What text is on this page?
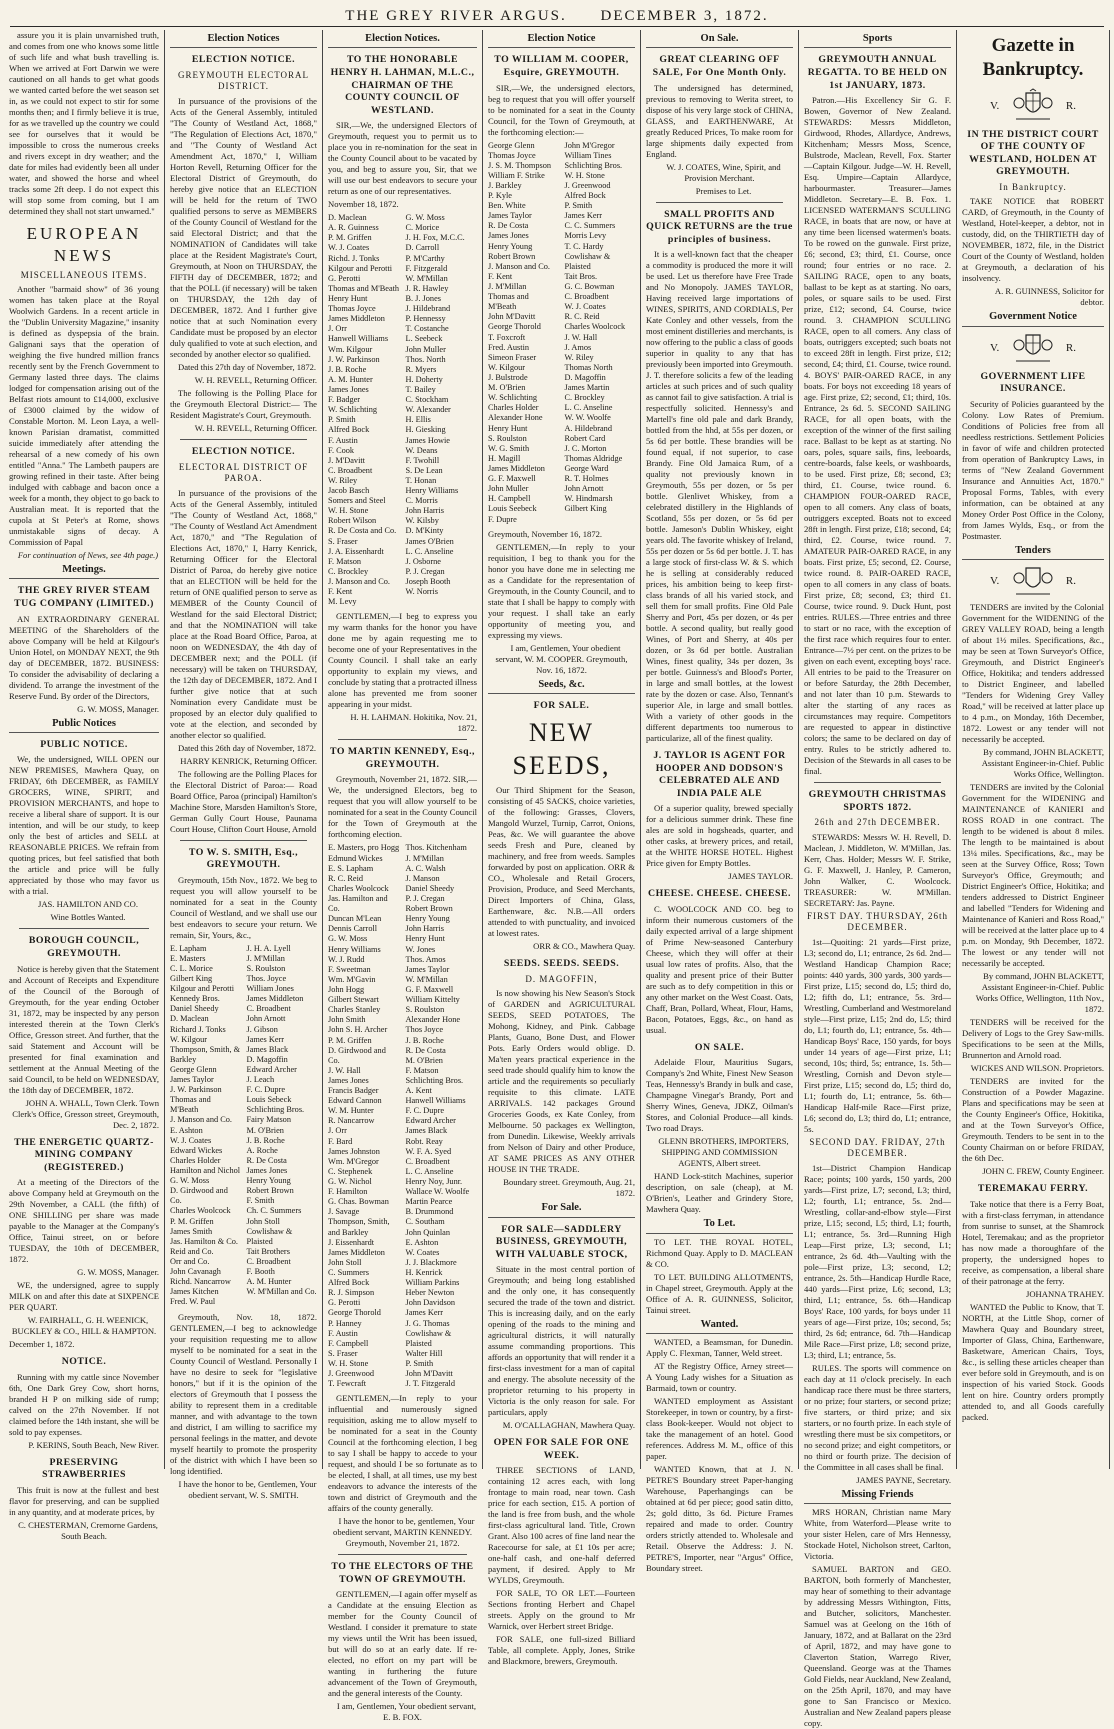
THE GREY RIVER ARGUS. DECEMBER 3, 1872.

assure you it is plain unvarnished truth, and comes from one who knows some little of such life and what bush travelling is. When we arrived at Fort Darwin we were cautioned on all hands to get what goods we wanted carted before the wet season set in, as we could not expect to stir for some months then; and I firmly believe it is true, for as we travelled up the country we could see for ourselves that it would be impossible to cross the numerous creeks and rivers except in dry weather; and the date for miles had evidently been all under water, and showed the horse and wheel tracks some 2ft deep. I do not expect this will stop some from coming, but I am determined they shall not start unwarned."

EUROPEAN NEWS
MISCELLANEOUS ITEMS.

Another "barmaid show" of 36 young women has taken place at the Royal Woolwich Gardens. In a recent article in the "Dublin University Magazine," insanity is defined as dyspepsia of the brain. Galignani says that the operation of weighing the five hundred million francs recently sent by the French Government to Germany lasted three days. The claims lodged for compensation arising out of the Belfast riots amount to £14,000, exclusive of £3000 claimed by the widow of Constable Morton. M. Leon Laya, a well-known Parisian dramatist, committed suicide immediately after attending the rehearsal of a new comedy of his own entitled "Anna." The Lambeth paupers are growing refined in their taste. After being indulged with cabbage and bacon once a week for a month, they object to go back to Australian meat. It is reported that the cupola at St Peter's at Rome, shows unmistakable signs of decay. A Commission of Papal

For continuation of News, see 4th page.)

Meetings.
THE GREY RIVER STEAM TUG COMPANY (LIMITED.)

AN EXTRAORDINARY GENERAL MEETING of the Shareholders of the above Company will be held at Kilgour's Union Hotel, on MONDAY NEXT, the 9th day of DECEMBER, 1872. BUSINESS: To consider the advisability of declaring a dividend. To arrange the investment of the Reserve Fund. By order of the Directors,

G. W. MOSS, Manager.

Public Notices
PUBLIC NOTICE.

We, the undersigned, WILL OPEN our NEW PREMISES, Mawhera Quay, on FRIDAY, 6th DECEMBER, as FAMILY GROCERS, WINE, SPIRIT, and PROVISION MERCHANTS, and hope to receive a liberal share of support. It is our intention, and will be our study, to keep only the best of articles and SELL at REASONABLE PRICES. We refrain from quoting prices, but feel satisfied that both the article and price will be fully appreciated by those who may favor us with a trial.

JAS. HAMILTON AND CO.

Wine Bottles Wanted.

BOROUGH COUNCIL, GREYMOUTH.

Notice is hereby given that the Statement and Account of Receipts and Expenditure of the Council of the Borough of Greymouth, for the year ending October 31, 1872, may be inspected by any person interested therein at the Town Clerk's Office, Gresson street. And further, that the said Statement and Account will be presented for final examination and settlement at the Annual Meeting of the said Council, to be held on WEDNESDAY, the 18th day of DECEMBER, 1872.

JOHN A. WHALL, Town Clerk. Town Clerk's Office, Gresson street, Greymouth, Dec. 2, 1872.

THE ENERGETIC QUARTZ-MINING COMPANY (REGISTERED.)

At a meeting of the Directors of the above Company held at Greymouth on the 29th November, a CALL (the fifth) of ONE SHILLING per share was made payable to the Manager at the Company's Office, Tainui street, on or before TUESDAY, the 10th of DECEMBER, 1872.

G. W. MOSS, Manager.

WE, the undersigned, agree to supply MILK on and after this date at SIXPENCE PER QUART.

W. FAIRHALL, G. H. WEENICK, BUCKLEY & CO., HILL & HAMPTON.

December 1, 1872.

NOTICE.

Running with my cattle since November 6th, One Dark Grey Cow, short horns, branded H P on milking side of rump; calved on the 27th November. If not claimed before the 14th instant, she will be sold to pay expenses.

P. KERINS, South Beach, New River.

PRESERVING STRAWBERRIES

This fruit is now at the fullest and best flavor for preserving, and can be supplied in any quantity, and at moderate prices, by

C. CHESTERMAN, Cremorne Gardens, South Beach.

Election Notices
ELECTION NOTICE.
GREYMOUTH ELECTORAL DISTRICT.

In pursuance of the provisions of the Acts of the General Assembly, intituled "The County of Westland Act, 1868," "The Regulation of Elections Act, 1870," and "The County of Westland Act Amendment Act, 1870," I, William Horton Revell, Returning Officer for the Electoral District of Greymouth, do hereby give notice that an ELECTION will be held for the return of TWO qualified persons to serve as MEMBERS of the County Council of Westland for the said Electoral District; and that the NOMINATION of Candidates will take place at the Resident Magistrate's Court, Greymouth, at Noon on THURSDAY, the FIFTH day of DECEMBER, 1872; and that the POLL (if necessary) will be taken on THURSDAY, the 12th day of DECEMBER, 1872. And I further give notice that at such Nomination every Candidate must be proposed by an elector duly qualified to vote at such election, and seconded by another elector so qualified.

Dated this 27th day of November, 1872.

W. H. REVELL, Returning Officer.

The following is the Polling Place for the Greymouth Electoral District:— The Resident Magistrate's Court, Greymouth.

W. H. REVELL, Returning Officer.

ELECTION NOTICE.
ELECTORAL DISTRICT OF PAROA.

In pursuance of the provisions of the Acts of the General Assembly, intituled "The County of Westland Act, 1868," "The County of Westland Act Amendment Act, 1870," and "The Regulation of Elections Act, 1870," I, Harry Kenrick, Returning Officer for the Electoral District of Paroa, do hereby give notice that an ELECTION will be held for the return of ONE qualified person to serve as MEMBER of the County Council of Westland for the said Electoral District; and that the NOMINATION will take place at the Road Board Office, Paroa, at noon on WEDNESDAY, the 4th day of DECEMBER next; and the POLL (if necessary) will be taken on THURSDAY, the 12th day of DECEMBER, 1872. And I further give notice that at such Nomination every Candidate must be proposed by an elector duly qualified to vote at the election, and seconded by another elector so qualified.

Dated this 26th day of November, 1872.

HARRY KENRICK, Returning Officer.

The following are the Polling Places for the Electoral District of Paroa:— Road Board Office, Paroa (principal) Hamilton's Machine Store, Marsden Hamilton's Store, German Gully Court House, Paunama Court House, Clifton Court House, Arnold

TO W. S. SMITH, Esq., GREYMOUTH.

Greymouth, 15th Nov., 1872. We beg to request you will allow yourself to be nominated for a seat in the County Council of Westland, and we shall use our best endeavors to secure your return. We remain, Sir, Yours, &c.,

E. Lapham
E. Masters
C. L. Morice
Gilbert King
Kilgour and Perotti
Kennedy Bros.
Daniel Sheedy
D. Maclean
Richard J. Tonks
W. Kilgour
Thompson, Smith, & Barkley
George Glenn
James Taylor
J. W. Parkinson
Thomas and M'Beath
J. Manson and Co.
E. Ashton
W. J. Coates
Edward Wickes
Charles Holder
Hamilton and Nichol
G. W. Moss
D. Girdwood and Co.
Charles Woolcock
P. M. Griffen
James Smith
Jas. Hamilton & Co.
Reid and Co.
Orr and Co.
John Cavanagh
Richd. Nancarrow
James Kitchen
Fred. W. Paul
J. H. A. Lyell
J. M'Millan
S. Roulston
Thos. Joyce
William Jones
James Middleton
C. Broadbent
John Arnott
J. Gibson
James Kerr
James Black
D. Magoffin
Edward Archer
J. Leach
F. C. Dupre
Louis Sebeck
Schlichting Bros.
Fairy Matson
M. O'Brien
J. B. Roche
A. Roche
R. De Costa
James Jones
Henry Young
Robert Brown
F. Smith
Ch. C. Summers
John Stoll
Cowlishaw & Plaisted
Tait Brothers
C. Broadbent
F. Booth
A. M. Hunter
W. M'Millan and Co.

Greymouth, Nov. 18, 1872. GENTLEMEN,—I beg to acknowledge your requisition requesting me to allow myself to be nominated for a seat in the County Council of Westland. Personally I have no desire to seek for "legislative honors," but if it is the opinion of the electors of Greymouth that I possess the ability to represent them in a creditable manner, and with advantage to the town and district, I am willing to sacrifice my personal feelings in the matter, and devote myself heartily to promote the prosperity of the district with which I have been so long identified.

I have the honor to be, Gentlemen, Your obedient servant, W. S. SMITH.

Election Notices.
TO THE HONORABLE HENRY H. LAHMAN, M.L.C., CHAIRMAN OF THE COUNTY COUNCIL OF WESTLAND.

SIR,—We, the undersigned Electors of Greymouth, request you to permit us to place you in re-nomination for the seat in the County Council about to be vacated by you, and beg to assure you, Sir, that we will use our best endeavors to secure your return as one of our representatives.

November 18, 1872.

D. Maclean
A. R. Guinness
P. M. Griffen
W. J. Coates
Richd. J. Tonks
Kilgour and Perotti
G. Perotti
Thomas and M'Beath
Henry Hunt
Thomas Joyce
James Middleton
J. Orr
Hanwell Williams
Wm. Kilgour
J. W. Parkinson
J. B. Roche
A. M. Hunter
James Jones
F. Badger
W. Schlichting
P. Smith
Alfred Bock
F. Austin
F. Cook
J. M'Davitt
C. Broadbent
W. Riley
Jacob Basch
Somers and Steel
W. H. Stone
Robert Wilson
R. De Costa and Co.
S. Fraser
J. A. Eissenhardt
F. Matson
C. Brockley
J. Manson and Co.
F. Kent
M. Levy
G. W. Moss
C. Morice
J. H. Fox, M.C.C.
D. Carroll
P. M'Carthy
F. Fitzgerald
W. M'Millan
J. R. Hawley
B. J. Jones
J. Hildebrand
P. Hennessy
T. Costanche
L. Seebeck
John Muller
Thos. North
R. Myers
H. Doherty
T. Bailey
C. Stockham
W. Alexander
H. Ellis
H. Giesking
James Howie
W. Deans
F. Twohill
S. De Lean
T. Honan
Henry Williams
C. Morris
John Harris
W. Kilsby
D. M'Kinty
James O'Brien
L. C. Anseline
J. Osborne
P. J. Cregan
Joseph Booth
W. Norris

GENTLEMEN,—I beg to express you my warm thanks for the honor you have done me by again requesting me to become one of your Representatives in the County Council. I shall take an early opportunity to explain my views, and conclude by stating that a protracted illness alone has prevented me from sooner appearing in your midst.

H. H. LAHMAN. Hokitika, Nov. 21, 1872.

TO MARTIN KENNEDY, Esq., GREYMOUTH.

Greymouth, November 21, 1872. SIR,—We, the undersigned Electors, beg to request that you will allow yourself to be nominated for a seat in the County Council for the Town of Greymouth at the forthcoming election.

E. Masters, pro Hogg
Edmund Wickes
E. S. Lapham
R. C. Reid
Charles Woolcock
Jas. Hamilton and Co.
Duncan M'Lean
Dennis Carroll
G. W. Moss
Henry Williams
W. J. Rudd
F. Sweetman
Wm. M'Gavin
John Hogg
Gilbert Stewart
Charles Stanley
John Smith
John S. H. Archer
P. M. Griffen
D. Girdwood and Co.
J. W. Hall
James Jones
Francis Badger
Edward Cannon
W. M. Hunter
R. Nancarrow
J. Orr
F. Bard
James Johnston
Wm. M'Gregor
C. Stephenek
G. W. Nichol
F. Hamilton
G. Chas. Bowman
J. Savage
Thompson, Smith, and Barkley
J. Eissenhardt
James Middleton
John Stoll
C. Summers
Alfred Bock
R. J. Simpson
G. Perotti
George Thorold
P. Hanney
F. Austin
F. Campbell
S. Fraser
W. H. Stone
J. Greenwood
T. Fewcraft
Thos. Kitchenham
J. M'Millan
A. C. Walsh
J. Manson
Daniel Sheedy
P. J. Cregan
Robert Brown
Henry Young
John Harris
Henry Hunt
W. Jones
Thos. Amos
James Taylor
W. M'Millan
G. F. Maxwell
William Kittelty
S. Roulston
Alexander Hone
Thos Joyce
J. B. Roche
R. De Costa
M. O'Brien
F. Matson
Schlichting Bros.
A. Kent
Hanwell Williams
F. C. Dupre
Edward Archer
James Black
Robt. Reay
W. F. A. Syed
C. Broadbent
L. C. Anseline
Henry Noy, Junr.
Wallace W. Woolfe
Martin Pearce
B. Drummond
C. Southam
John Quinlan
E. Ashton
W. Coates
J. J. Blackmore
H. Kenrick
William Parkins
Heber Newton
John Davidson
James Kerr
J. G. Thomas
Cowlishaw & Plaisted
Walter Hill
P. Smith
John M'Davitt
J. T. Fitzgerald

GENTLEMEN,—In reply to your influential and numerously signed requisition, asking me to allow myself to be nominated for a seat in the County Council at the forthcoming election, I beg to say I shall be happy to accede to your request, and should I be so fortunate as to be elected, I shall, at all times, use my best endeavors to advance the interests of the town and district of Greymouth and the affairs of the county generally.

I have the honor to be, gentlemen, Your obedient servant, MARTIN KENNEDY. Greymouth, November 21, 1872.

TO THE ELECTORS OF THE TOWN OF GREYMOUTH.

GENTLEMEN,—I again offer myself as a Candidate at the ensuing Election as member for the County Council of Westland. I consider it premature to state my views until the Writ has been issued, but will do so at an early date. If re-elected, no effort on my part will be wanting in furthering the future advancement of the Town of Greymouth, and the general interests of the County.

I am, Gentlemen, Your obedient servant, E. B. FOX.

Election Notice
TO WILLIAM M. COOPER, Esquire, GREYMOUTH.

SIR,—We, the undersigned electors, beg to request that you will offer yourself to be nominated for a seat in the County Council, for the Town of Greymouth, at the forthcoming election:—

George Glenn
Thomas Joyce
J. S. M. Thompson
William F. Strike
J. Barkley
P. Kyle
Ben. White
James Taylor
R. De Costa
James Jones
Henry Young
Robert Brown
J. Manson and Co.
F. Kent
J. M'Millan
Thomas and M'Beath
John M'Davitt
George Thorold
T. Foxcroft
Fred. Austin
Simeon Fraser
W. Kilgour
J. Bulstrode
M. O'Brien
W. Schlichting
Charles Holder
Alexander Hone
Henry Hunt
S. Roulston
W. G. Smith
H. Magill
James Middleton
G. F. Maxwell
John Muller
H. Campbell
Louis Seebeck
F. Dupre
John M'Gregor
William Tines
Schlichting Bros.
W. H. Stone
J. Greenwood
Alfred Bock
P. Smith
James Kerr
C. C. Summers
Morris Levy
T. C. Hardy
Cowlishaw & Plaisted
Tait Bros.
G. C. Bowman
C. Broadbent
W. J. Coates
R. C. Reid
Charles Woolcock
J. W. Hall
J. Amos
W. Riley
Thomas North
D. Magoffin
James Martin
C. Brockley
L. C. Anseline
W. W. Woolfe
A. Hildebrand
Robert Card
J. C. Morton
Thomas Aldridge
George Ward
R. T. Holmes
John Arnott
W. Hindmarsh
Gilbert King

Greymouth, November 16, 1872.

GENTLEMEN,—In reply to your requisition, I beg to thank you for the honor you have done me in selecting me as a Candidate for the representation of Greymouth, in the County Council, and to state that I shall be happy to comply with your request. I shall take an early opportunity of meeting you, and expressing my views.

I am, Gentlemen, Your obedient servant, W. M. COOPER. Greymouth, Nov. 16, 1872.

Seeds, &c.
FOR SALE.
NEW SEEDS,

Our Third Shipment for the Season, consisting of 45 SACKS, choice varieties, of the following: Grasses, Clovers, Mangold Wurzel, Turnip, Carrot, Onions, Peas, &c. We will guarantee the above seeds Fresh and Pure, cleaned by machinery, and free from weeds. Samples forwarded by post on application. ORR & CO., Wholesale and Retail Grocers, Provision, Produce, and Seed Merchants, Direct Importers of China, Glass, Earthenware, &c. N.B.—All orders attended to with punctuality, and invoiced at lowest rates.

ORR & CO., Mawhera Quay.

SEEDS. SEEDS. SEEDS.
D. MAGOFFIN,

Is now showing his New Season's Stock of GARDEN and AGRICULTURAL SEEDS, SEED POTATOES, The Mohong, Kidney, and Pink. Cabbage Plants, Guano, Bone Dust, and Flower Pots. Early Orders would oblige. D. Ma'ten years practical experience in the seed trade should qualify him to know the article and the requirements so peculiarly requisite to this climate. LATE ARRIVALS. 142 packages Ground Groceries Goods, ex Kate Conley, from Melbourne. 50 packages ex Wellington, from Dunedin. Likewise, Weekly arrivals from Nelson of Dairy and other Produce, AT SAME PRICES AS ANY OTHER HOUSE IN THE TRADE.

Boundary street. Greymouth, Aug. 21, 1872.

For Sale.
FOR SALE—SADDLERY BUSINESS, GREYMOUTH, WITH VALUABLE STOCK,

Situate in the most central portion of Greymouth; and being long established and the only one, it has consequently secured the trade of the town and district. This is increasing daily, and on the early opening of the roads to the mining and agricultural districts, it will naturally assume commanding proportions. This affords an opportunity that will render it a first-class investment for a man of capital and energy. The absolute necessity of the proprietor returning to his property in Victoria is the only reason for sale. For particulars, apply

M. O'CALLAGHAN, Mawhera Quay.

OPEN FOR SALE FOR ONE WEEK.

THREE SECTIONS of LAND, containing 12 acres each, with long frontage to main road, near town. Cash price for each section, £15. A portion of the land is free from bush, and the whole first-class agricultural land. Title, Crown Grant. Also 100 acres of fine land near the Racecourse for sale, at £1 10s per acre; one-half cash, and one-half deferred payment, if desired. Apply to Mr WYLDS, Greymouth.

FOR SALE, TO OR LET.—Fourteen Sections fronting Herbert and Chapel streets. Apply on the ground to Mr Warnick, over Herbert street Bridge.

FOR SALE, one full-sized Billiard Table, all complete. Apply, Jones, Strike and Blackmore, brewers, Greymouth.

On Sale.
GREAT CLEARING OFF SALE, For One Month Only.

The undersigned has determined, previous to removing to Werita street, to dispose of his very large stock of CHINA, GLASS, and EARTHENWARE, At greatly Reduced Prices, To make room for large shipments daily expected from England.

W. J. COATES, Wine, Spirit, and Provision Merchant.

Premises to Let.

SMALL PROFITS AND QUICK RETURNS are the true principles of business.

It is a well-known fact that the cheaper a commodity is produced the more it will be used. Let us therefore have Free Trade and No Monopoly. JAMES TAYLOR, Having received large importations of WINES, SPIRITS, AND CORDIALS, Per Kate Conley and other vessels, from the most eminent distilleries and merchants, is now offering to the public a class of goods superior in quality to any that has previously been imported into Greymouth. J. T. therefore solicits a few of the leading articles at such prices and of such quality as cannot fail to give satisfaction. A trial is respectfully solicited. Hennessy's and Martell's fine old pale and dark Brandy, bottled from the hhd, at 55s per dozen, or 5s 6d per bottle. These brandies will be found equal, if not superior, to case Brandy. Fine Old Jamaica Rum, of a quality not previously known in Greymouth, 55s per dozen, or 5s per bottle. Glenlivet Whiskey, from a celebrated distillery in the Highlands of Scotland, 55s per dozen, or 5s 6d per bottle. Jameson's Dublin Whiskey, eight years old. The favorite whiskey of Ireland, 55s per dozen or 5s 6d per bottle. J. T. has a large stock of first-class W. & S. which he is selling at considerably reduced prices, his ambition being to keep first-class brands of all his varied stock, and sell them for small profits. Fine Old Pale Sherry and Port, 45s per dozen, or 4s per bottle. A second quality, but really good Wines, of Port and Sherry, at 40s per dozen, or 3s 6d per bottle. Australian Wines, finest quality, 34s per dozen, 3s per bottle. Guinness's and Blood's Porter, in large and small bottles, at the lowest rate by the dozen or case. Also, Tennant's superior Ale, in large and small bottles. With a variety of other goods in the different departments too numerous to particularize, all of the finest quality.

J. TAYLOR IS AGENT FOR HOOPER AND DODSON'S CELEBRATED ALE AND INDIA PALE ALE

Of a superior quality, brewed specially for a delicious summer drink. These fine ales are sold in hogsheads, quarter, and other casks, at brewery prices, and retail, at the WHITE HORSE HOTEL. Highest Price given for Empty Bottles.

JAMES TAYLOR.

CHEESE. CHEESE. CHEESE.

C. WOOLCOCK AND CO. beg to inform their numerous customers of the daily expected arrival of a large shipment of Prime New-seasoned Canterbury Cheese, which they will offer at their usual low rates of profits. Also, that the quality and present price of their Butter are such as to defy competition in this or any other market on the West Coast. Oats, Chaff, Bran, Pollard, Wheat, Flour, Hams, Bacon, Potatoes, Eggs, &c., on hand as usual.

ON SALE.

Adelaide Flour, Mauritius Sugars, Company's 2nd White, Finest New Season Teas, Hennessy's Brandy in bulk and case, Champagne Vinegar's Brandy, Port and Sherry Wines, Geneva, JDKZ, Oilman's Stores, and Colonial Produce—all kinds. Two road Drays.

GLENN BROTHERS, IMPORTERS, SHIPPING AND COMMISSION AGENTS, Albert street.

HAND Lock-stitch Machines, superior description, on sale (cheap), at M. O'Brien's, Leather and Grindery Store, Mawhera Quay.

To Let.

TO LET. THE ROYAL HOTEL, Richmond Quay. Apply to D. MACLEAN & CO.

TO LET. BUILDING ALLOTMENTS, in Chapel street, Greymouth. Apply at the Office of A. R. GUINNESS, Solicitor, Tainui street.

Wanted.

WANTED, a Beamsman, for Dunedin. Apply C. Flexman, Tanner, Weld street.

AT the Registry Office, Arney street—A Young Lady wishes for a Situation as Barmaid, town or country.

WANTED employment as Assistant Storekeeper, in town or country, by a first-class Book-keeper. Would not object to take the management of an hotel. Good references. Address M. M., office of this paper.

WANTED Known, that at J. N. PETRE'S Boundary street Paper-hanging Warehouse, Paperhangings can be obtained at 6d per piece; good satin ditto, 2s; gold ditto, 3s 6d. Picture Frames repaired and made to order. Country orders strictly attended to. Wholesale and Retail. Observe the Address: J. N. PETRE'S, Importer, near "Argus" Office, Boundary street.

Sports
GREYMOUTH ANNUAL REGATTA. TO BE HELD ON 1st JANUARY, 1873.

Patron.—His Excellency Sir G. F. Bowen, Governor of New Zealand. STEWARDS: Messrs Middleton, Girdwood, Rhodes, Allardyce, Andrews, Kitchenham; Messrs Moss, Scence, Bulstrode, Maclean, Revell, Fox. Starter—Captain Kilgour. Judge—W. H. Revell, Esq. Umpire—Captain Allardyce, harbourmaster. Treasurer—James Middleton. Secretary—E. B. Fox. 1. LICENSED WATERMAN'S SCULLING RACE, in boats that are now, or have at any time been licensed watermen's boats. To be rowed on the gunwale. First prize, £6; second, £3; third, £1. Course, once round; four entries or no race. 2. SAILING RACE, open to any boats, ballast to be kept as at starting. No oars, poles, or square sails to be used. First prize, £12; second, £4. Course, twice round. 3. CHAMPION SCULLING RACE, open to all comers. Any class of boats, outriggers excepted; such boats not to exceed 28ft in length. First prize, £12; second, £4; third, £1. Course, twice round. 4. BOYS' PAIR-OARED RACE, in any boats. For boys not exceeding 18 years of age. First prize, £2; second, £1; third, 10s. Entrance, 2s 6d. 5. SECOND SAILING RACE, for all open boats, with the exception of the winner of the first sailing race. Ballast to be kept as at starting. No oars, poles, square sails, fins, leeboards, centre-boards, false keels, or washboards, to be used. First prize, £8; second, £3; third, £1. Course, twice round. 6. CHAMPION FOUR-OARED RACE, open to all comers. Any class of boats, outriggers excepted. Boats not to exceed 28ft in length. First prize, £18; second, £4; third, £2. Course, twice round. 7. AMATEUR PAIR-OARED RACE, in any boats. First prize, £5; second, £2. Course, twice round. 8. PAIR-OARED RACE, open to all comers in any class of boats. First prize, £8; second, £3; third £1. Course, twice round. 9. Duck Hunt, post entries. RULES.—Three entries and three to start or no race, with the exception of the first race which requires four to enter. Entrance—7½ per cent. on the prizes to be given on each event, excepting boys' race. All entries to be paid to the Treasurer on or before Saturday, the 28th December, and not later than 10 p.m. Stewards to alter the starting of any races as circumstances may require. Competitors are requested to appear in distinctive colors; the same to be declared on day of entry. Rules to be strictly adhered to. Decision of the Stewards in all cases to be final.

GREYMOUTH CHRISTMAS SPORTS 1872.
26th and 27th DECEMBER.

STEWARDS: Messrs W. H. Revell, D. Maclean, J. Middleton, W. M'Millan, Jas. Kerr, Chas. Holder; Messrs W. F. Strike, G. F. Maxwell, J. Hanley, P. Cameron, John Walker, C. Woolcock. TREASURER: W. M'Millan. SECRETARY: Jas. Payne.

FIRST DAY. THURSDAY, 26th DECEMBER.

1st—Quoiting: 21 yards—First prize, L3; second do, L1; entrance, 2s 6d. 2nd—Westland Handicap Champion Race; points: 440 yards, 300 yards, 300 yards—First prize, L15; second do, L5; third do, L2; fifth do, L1; entrance, 5s. 3rd—Wrestling, Cumberland and Westmoreland style—First prize, L15; 2nd do, L5; third do, L1; fourth do, L1; entrance, 5s. 4th—Handicap Boys' Race, 150 yards, for boys under 14 years of age—First prize, L1; second, 10s; third, 5s; entrance, 1s. 5th—Wrestling, Cornish and Devon style—First prize, L15; second do, L5; third do, L1; fourth do, L1; entrance, 5s. 6th—Handicap Half-mile Race—First prize, L6; second do, L3; third do, L1; entrance, 5s.

SECOND DAY. FRIDAY, 27th DECEMBER.

1st—District Champion Handicap Race; points; 100 yards, 150 yards, 200 yards—First prize, L7; second, L3; third, L2; fourth, L1; entrance, 5s. 2nd—Wrestling, collar-and-elbow style—First prize, L15; second, L5; third, L1; fourth, L1; entrance, 5s. 3rd—Running High Leap—First prize, L3; second, L1; entrance, 2s 6d. 4th—Vaulting with the pole—First prize, L3; second, L2; entrance, 2s. 5th—Handicap Hurdle Race, 440 yards—First prize, L6; second, L3; third, L1; entrance, 5s. 6th—Handicap Boys' Race, 100 yards, for boys under 11 years of age—First prize, 10s; second, 5s; third, 2s 6d; entrance, 6d. 7th—Handicap Mile Race—First prize, L8; second prize, L3; third, L1; entrance, 5s.

RULES. The sports will commence on each day at 11 o'clock precisely. In each handicap race there must be three starters, or no prize; four starters, or second prize; five starters, or third prize; and six starters, or no fourth prize. In each style of wrestling there must be six competitors, or no second prize; and eight competitors, or no third or fourth prize. The decision of the Committee in all cases shall be final.

JAMES PAYNE, Secretary.

Missing Friends

MRS HORAN, Christian name Mary White, from Waterford—Please write to your sister Helen, care of Mrs Hennessy, Stockade Hotel, Nicholson street, Carlton, Victoria.

SAMUEL BARTON and GEO. BARTON, both formerly of Manchester, may hear of something to their advantage by addressing Messrs Withington, Fitts, and Butcher, solicitors, Manchester. Samuel was at Geelong on the 16th of January, 1872, and at Ballarat on the 23rd of April, 1872, and may have gone to Claverton Station, Warrego River, Queensland. George was at the Thames Gold Fields, near Auckland, New Zealand, on the 25th April, 1870, and may have gone to San Francisco or Mexico. Australian and New Zealand papers please copy.

Gazette in Bankruptcy.
V.	R.
IN THE DISTRICT COURT OF THE COUNTY OF WESTLAND, HOLDEN AT GREYMOUTH.
In Bankruptcy.

TAKE NOTICE that ROBERT CARD, of Greymouth, in the County of Westland, Hotel-keeper, a debtor, not in custody, did, on the THIRTIETH day of NOVEMBER, 1872, file, in the District Court of the County of Westland, holden at Greymouth, a declaration of his insolvency.

A. R. GUINNESS, Solicitor for debtor.

Government Notice
V.	R.
GOVERNMENT LIFE INSURANCE.

Security of Policies guaranteed by the Colony. Low Rates of Premium. Conditions of Policies free from all needless restrictions. Settlement Policies in favor of wife and children protected from operation of Bankruptcy Laws, in terms of "New Zealand Government Insurance and Annuities Act, 1870." Proposal Forms, Tables, with every information, can be obtained at any Money Order Post Office in the Colony, from James Wylds, Esq., or from the Postmaster.

Tenders
V.	R.

TENDERS are invited by the Colonial Government for the WIDENING of the GREY VALLEY ROAD, being a length of about 1½ miles. Specifications, &c., may be seen at Town Surveyor's Office, Greymouth, and District Engineer's Office, Hokitika; and tenders addressed to District Engineer, and labelled "Tenders for Widening Grey Valley Road," will be received at latter place up to 4 p.m., on Monday, 16th December, 1872. Lowest or any tender will not necessarily be accepted.

By command, JOHN BLACKETT, Assistant Engineer-in-Chief. Public Works Office, Wellington.

TENDERS are invited by the Colonial Government for the WIDENING and MAINTENANCE of KANIERI and ROSS ROAD in one contract. The length to be widened is about 8 miles. The length to be maintained is about 13¼ miles. Specifications, &c., may be seen at the Survey Office, Ross; Town Surveyor's Office, Greymouth; and District Engineer's Office, Hokitika; and tenders addressed to District Engineer and labelled "Tenders for Widening and Maintenance of Kanieri and Ross Road," will be received at the latter place up to 4 p.m. on Monday, 9th December, 1872. The lowest or any tender will not necessarily be accepted.

By command, JOHN BLACKETT, Assistant Engineer-in-Chief. Public Works Office, Wellington, 11th Nov., 1872.

TENDERS will be received for the Delivery of Logs to the Grey Saw-mills. Specifications to be seen at the Mills, Brunnerton and Arnold road.

WICKES AND WILSON. Proprietors.

TENDERS are invited for the Construction of a Powder Magazine. Plans and specifications may be seen at the County Engineer's Office, Hokitika, and at the Town Surveyor's Office, Greymouth. Tenders to be sent in to the County Chairman on or before FRIDAY, the 6th Dec.

JOHN C. FREW, County Engineer.

TEREMAKAU FERRY.

Take notice that there is a Ferry Boat, with a first-class ferryman, in attendance from sunrise to sunset, at the Shamrock Hotel, Teremakau; and as the proprietor has now made a thoroughfare of the property, the undersigned hopes to receive, as compensation, a liberal share of their patronage at the ferry.

JOHANNA TRAHEY.

WANTED the Public to Know, that T. NORTH, at the Little Shop, corner of Mawhera Quay and Boundary street, Importer of Glass, China, Earthenware, Basketware, American Chairs, Toys, &c., is selling these articles cheaper than ever before sold in Greymouth, and is on inspection of his varied Stock. Goods lent on hire. Country orders promptly attended to, and all Goods carefully packed.
